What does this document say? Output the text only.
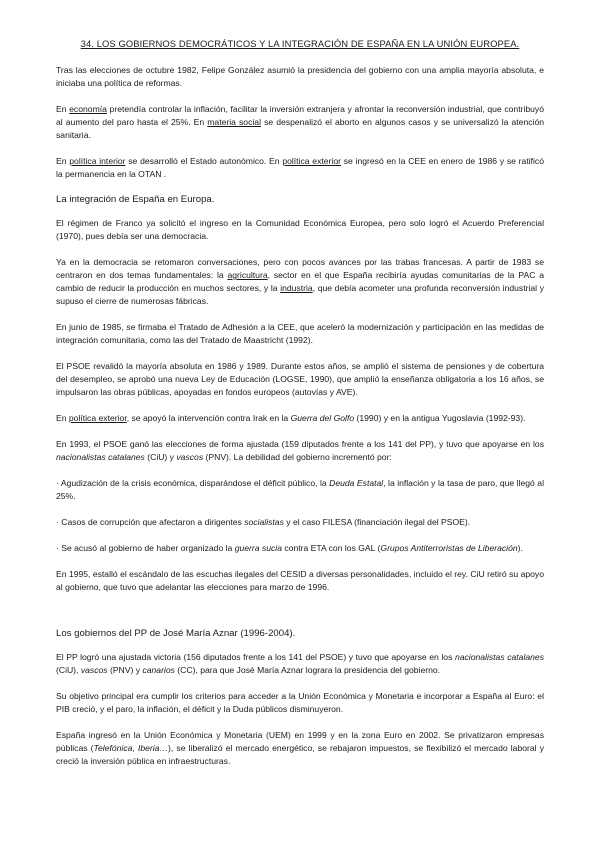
34. LOS GOBIERNOS DEMOCRÁTICOS Y LA INTEGRACIÓN DE ESPAÑA EN LA UNIÓN EUROPEA.

Tras las elecciones de octubre 1982, Felipe González asumió la presidencia del gobierno con una amplia mayoría absoluta, e iniciaba una política de reformas.

En economía pretendía controlar la inflación, facilitar la inversión extranjera y afrontar la reconversión industrial, que contribuyó al aumento del paro hasta el 25%. En materia social se despenalizó el aborto en algunos casos y se universalizó la atención sanitaria.

En política interior se desarrolló el Estado autonómico. En política exterior se ingresó en la CEE en enero de 1986 y se ratificó la permanencia en la OTAN .

La integración de España en Europa.

El régimen de Franco ya solicitó el ingreso en la Comunidad Económica Europea, pero solo logró el Acuerdo Preferencial (1970), pues debía ser una democracia.

Ya en la democracia se retomaron conversaciones, pero con pocos avances por las trabas francesas. A partir de 1983 se centraron en dos temas fundamentales: la agricultura, sector en el que España recibiría ayudas comunitarias de la PAC a cambio de reducir la producción en muchos sectores, y la industria, que debía acometer una profunda reconversión industrial y supuso el cierre de numerosas fábricas.

En junio de 1985, se firmaba el Tratado de Adhesión a la CEE, que aceleró la modernización y participación en las medidas de integración comunitaria, como las del Tratado de Maastricht (1992).

El PSOE revalidó la mayoría absoluta en 1986 y 1989. Durante estos años, se amplió el sistema de pensiones y de cobertura del desempleo, se aprobó una nueva Ley de Educación (LOGSE, 1990), que amplió la enseñanza obligatoria a los 16 años, se impulsaron las obras públicas, apoyadas en fondos europeos (autovías y AVE).

En política exterior, se apoyó la intervención contra Irak en la Guerra del Golfo (1990) y en la antigua Yugoslavia (1992-93).

En 1993, el PSOE ganó las elecciones de forma ajustada (159 diputados frente a los 141 del PP), y tuvo que apoyarse en los nacionalistas catalanes (CiU) y vascos (PNV). La debilidad del gobierno incrementó por:

· Agudización de la crisis económica, disparándose el déficit público, la Deuda Estatal, la inflación y la tasa de paro, que llegó al 25%.

· Casos de corrupción que afectaron a dirigentes socialistas y el caso FILESA (financiación ilegal del PSOE).

· Se acusó al gobierno de haber organizado la guerra sucia contra ETA con los GAL (Grupos Antiterroristas de Liberación).

En 1995, estalló el escándalo de las escuchas ilegales del CESID a diversas personalidades, incluido el rey. CiU retiró su apoyo al gobierno, que tuvo que adelantar las elecciones para marzo de 1996.

Los gobiernos del PP de José María Aznar (1996-2004).

El PP logró una ajustada victoria (156 diputados frente a los 141 del PSOE) y tuvo que apoyarse en los nacionalistas catalanes (CiU), vascos (PNV) y canarios (CC), para que José María Aznar lograra la presidencia del gobierno.

Su objetivo principal era cumplir los criterios para acceder a la Unión Económica y Monetaria e incorporar a España al Euro: el PIB creció, y el paro, la inflación, el déficit y la Duda públicos disminuyeron.

España ingresó en la Unión Económica y Monetaria (UEM) en 1999 y en la zona Euro en 2002. Se privatizaron empresas públicas (Telefónica, Iberia…), se liberalizó el mercado energético, se rebajaron impuestos, se flexibilizó el mercado laboral y creció la inversión pública en infraestructuras.
